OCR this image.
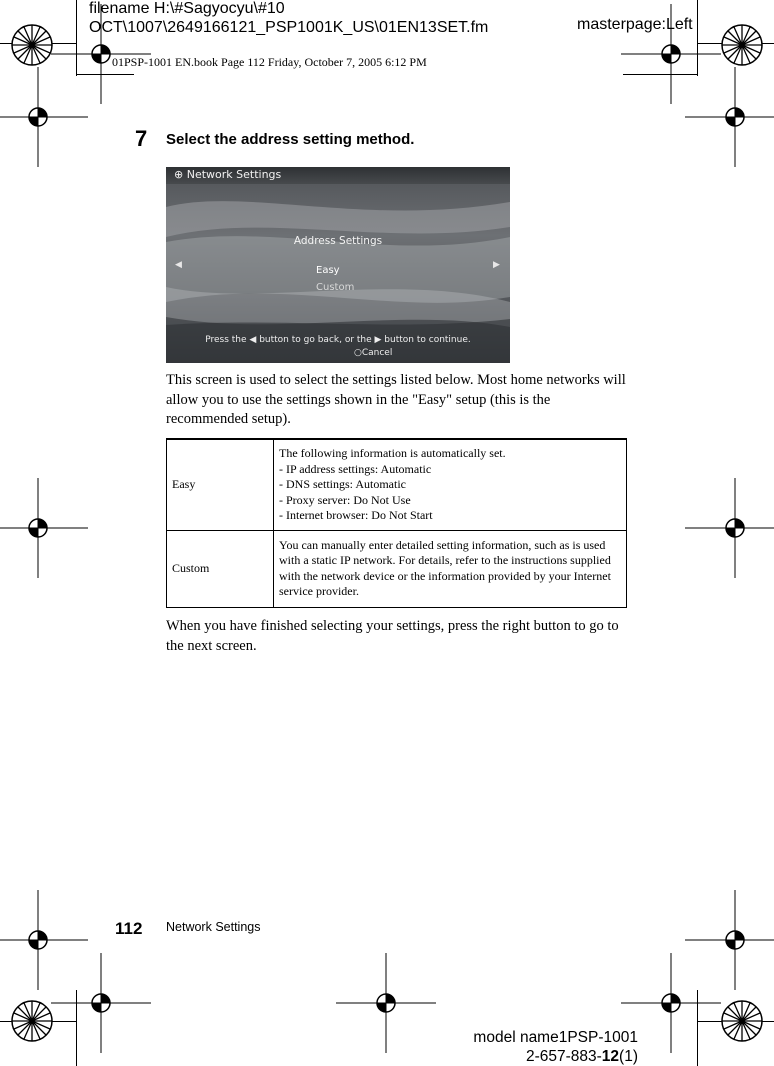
filename H:\#Sagyocyu\#10
OCT\1007\2649166121_PSP1001K_US\01EN13SET.fm	masterpage:Left
01PSP-1001 EN.book Page 112 Friday, October 7, 2005 6:12 PM
7 Select the address setting method.
⊕ Network Settings
Address Settings
◀	▶
Easy
Custom
Press the ◀ button to go back, or the ▶ button to continue.
○Cancel
This screen is used to select the settings listed below. Most home networks will allow you to use the settings shown in the "Easy" setup (this is the recommended setup).
Easy	The following information is automatically set.
- IP address settings: Automatic
- DNS settings: Automatic
- Proxy server: Do Not Use
- Internet browser: Do Not Start

Custom	You can manually enter detailed setting information, such as is used with a static IP network. For details, refer to the instructions supplied with the network device or the information provided by your Internet service provider.
When you have finished selecting your settings, press the right button to go to the next screen.
112 Network Settings
model name1PSP-1001
2-657-883-12(1)
